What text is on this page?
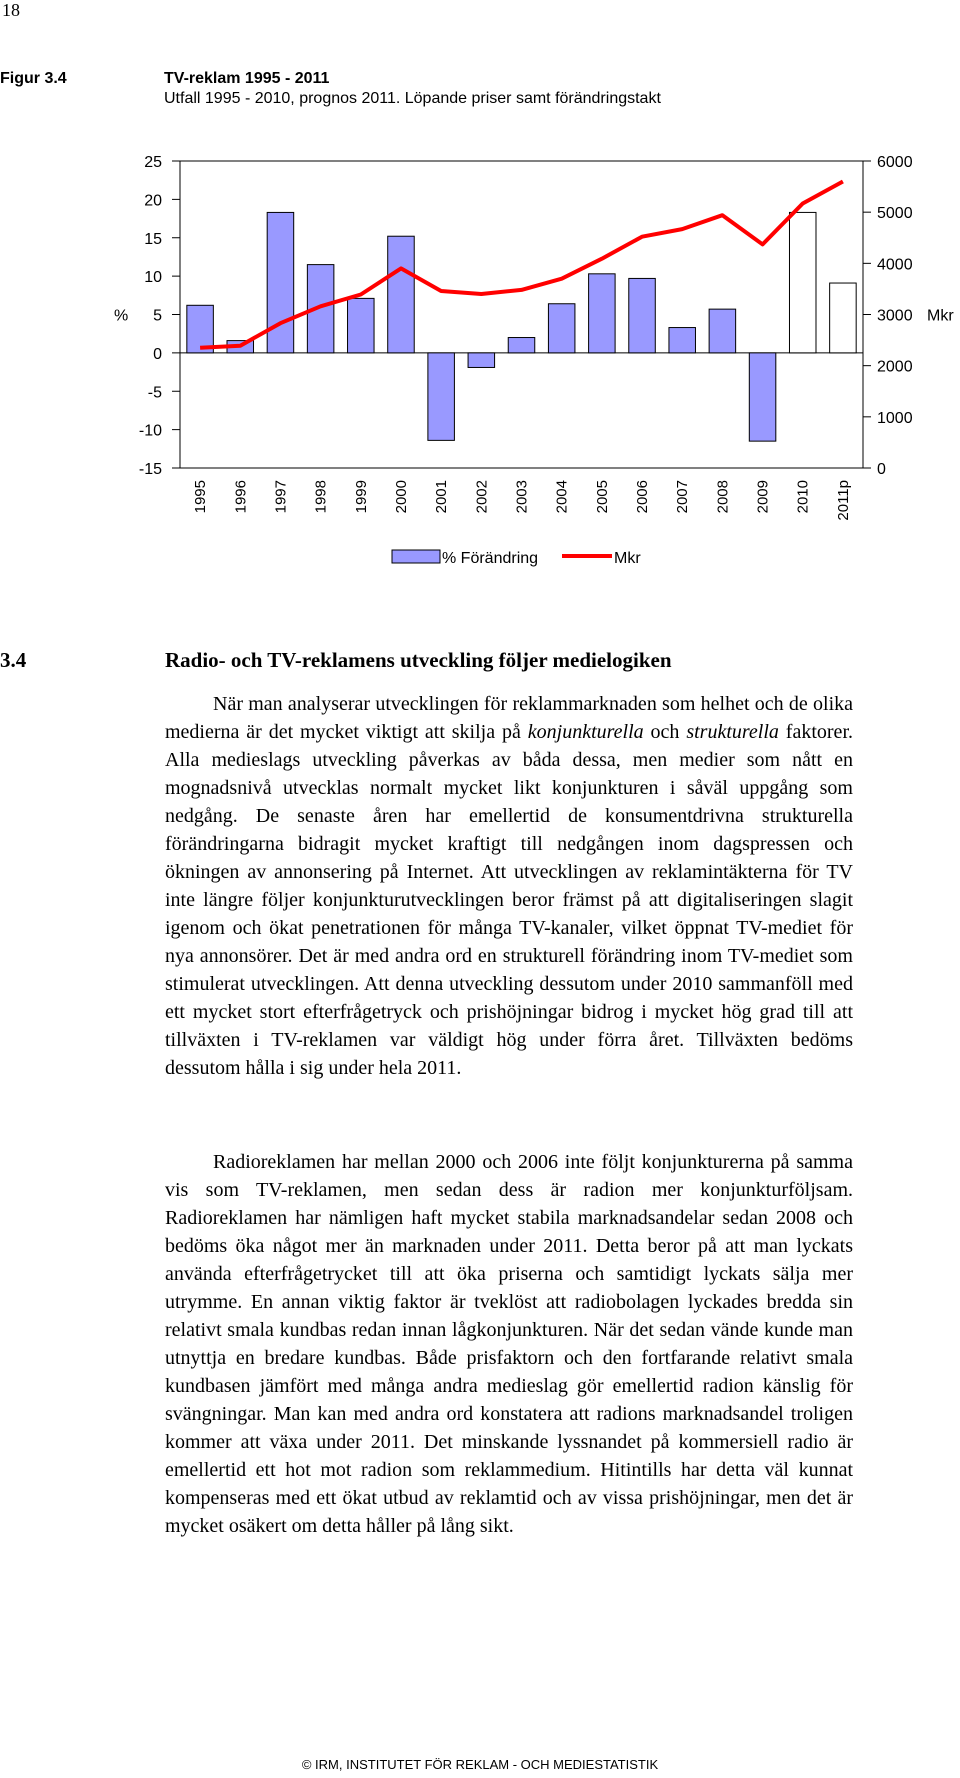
18
Figur 3.4	TV-reklam 1995 - 2011
Utfall 1995 - 2010, prognos 2011. Löpande priser samt förändringstakt
25
20
15
10
5
0
-5
-10
-15
%
6000
5000
4000
3000
2000
1000
0
Mkr
1995 1996 1997 1998 1999 2000 2001 2002 2003 2004 2005 2006 2007 2008 2009 2010 2011p
% Förändring	Mkr
3.4	Radio- och TV-reklamens utveckling följer medielogiken

När man analyserar utvecklingen för reklammarknaden som helhet och de olika medierna är det mycket viktigt att skilja på konjunkturella och strukturella faktorer. Alla medieslags utveckling påverkas av båda dessa, men medier som nått en mognadsnivå utvecklas normalt mycket likt konjunkturen i såväl uppgång som nedgång. De senaste åren har emellertid de konsumentdrivna strukturella förändringarna bidragit mycket kraftigt till nedgången inom dagspressen och ökningen av annonsering på Internet. Att utvecklingen av reklamintäkterna för TV inte längre följer konjunkturutvecklingen beror främst på att digitaliseringen slagit igenom och ökat penetrationen för många TV-kanaler, vilket öppnat TV-mediet för nya annonsörer. Det är med andra ord en strukturell förändring inom TV-mediet som stimulerat utvecklingen. Att denna utveckling dessutom under 2010 sammanföll med ett mycket stort efterfrågetryck och prishöjningar bidrog i mycket hög grad till att tillväxten i TV-reklamen var väldigt hög under förra året. Tillväxten bedöms dessutom hålla i sig under hela 2011.

Radioreklamen har mellan 2000 och 2006 inte följt konjunkturerna på samma vis som TV-reklamen, men sedan dess är radion mer konjunkturföljsam. Radioreklamen har nämligen haft mycket stabila marknadsandelar sedan 2008 och bedöms öka något mer än marknaden under 2011. Detta beror på att man lyckats använda efterfrågetrycket till att öka priserna och samtidigt lyckats sälja mer utrymme. En annan viktig faktor är tveklöst att radiobolagen lyckades bredda sin relativt smala kundbas redan innan lågkonjunkturen. När det sedan vände kunde man utnyttja en bredare kundbas. Både prisfaktorn och den fortfarande relativt smala kundbasen jämfört med många andra medieslag gör emellertid radion känslig för svängningar. Man kan med andra ord konstatera att radions marknadsandel troligen kommer att växa under 2011. Det minskande lyssnandet på kommersiell radio är emellertid ett hot mot radion som reklammedium. Hitintills har detta väl kunnat kompenseras med ett ökat utbud av reklamtid och av vissa prishöjningar, men det är mycket osäkert om detta håller på lång sikt.

© IRM, INSTITUTET FÖR REKLAM - OCH MEDIESTATISTIK
